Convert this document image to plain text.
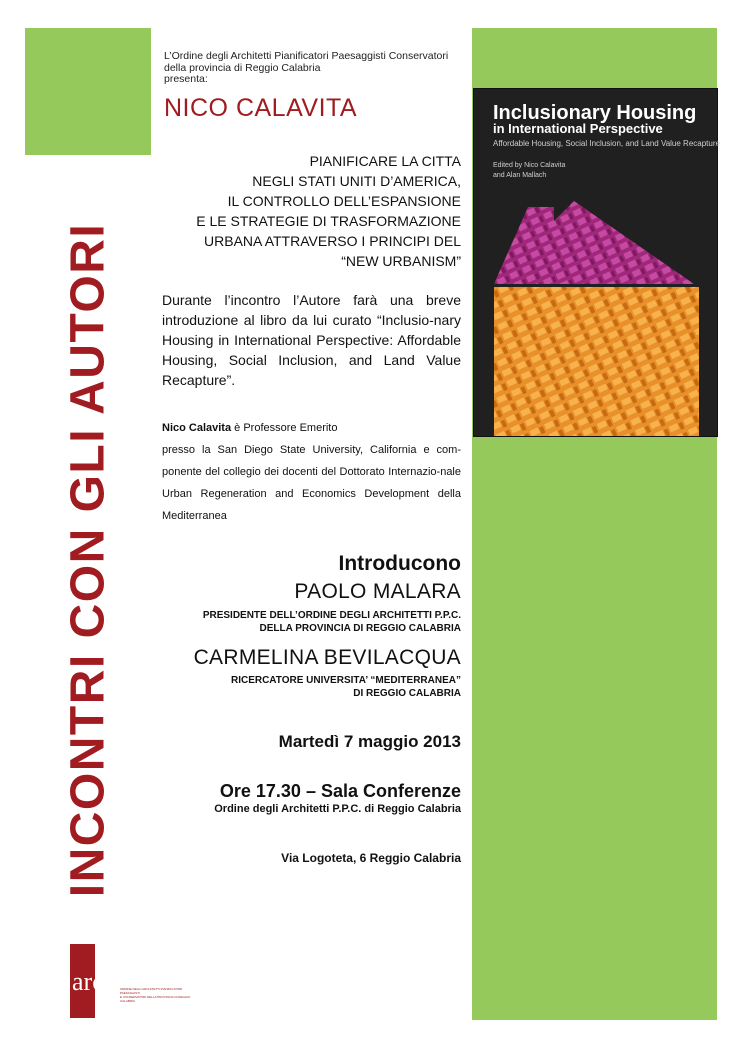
INCONTRI CON GLI AUTORI
L’Ordine degli Architetti Pianificatori Paesaggisti Conservatori
della provincia di Reggio Calabria
presenta:
NICO CALAVITA
PIANIFICARE LA CITTA
NEGLI STATI UNITI D’AMERICA,
IL CONTROLLO DELL’ESPANSIONE
E LE STRATEGIE DI TRASFORMAZIONE
URBANA ATTRAVERSO I PRINCIPI DEL
“NEW URBANISM”
Durante l’incontro l’Autore farà una breve introduzione al libro da lui curato “Inclusio-nary Housing in International Perspective: Affordable Housing, Social Inclusion, and Land Value Recapture”.
Nico Calavita è Professore Emerito
presso la San Diego State University, California e com-ponente del collegio dei docenti del Dottorato Internazio-nale Urban Regeneration and Economics Development della Mediterranea
Inclusionary Housing
in International Perspective
Affordable Housing, Social Inclusion, and Land Value Recapture
Edited by Nico Calavita
and Alan Mallach
Introducono
PAOLO MALARA
PRESIDENTE DELL’ORDINE DEGLI ARCHITETTI P.P.C.
DELLA PROVINCIA DI REGGIO CALABRIA
CARMELINA BEVILACQUA
RICERCATORE UNIVERSITA’ “MEDITERRANEA”
DI REGGIO CALABRIA
Martedì 7 maggio 2013
Ore 17.30 – Sala Conferenze
Ordine degli Architetti P.P.C. di Reggio Calabria
Via Logoteta, 6 Reggio Calabria
arch ORDINE DEGLI ARCHITETTI PIANIFICATORI PAESAGGISTI
E CONSERVATORI DELLA PROVINCIA DI REGGIO CALABRIA
